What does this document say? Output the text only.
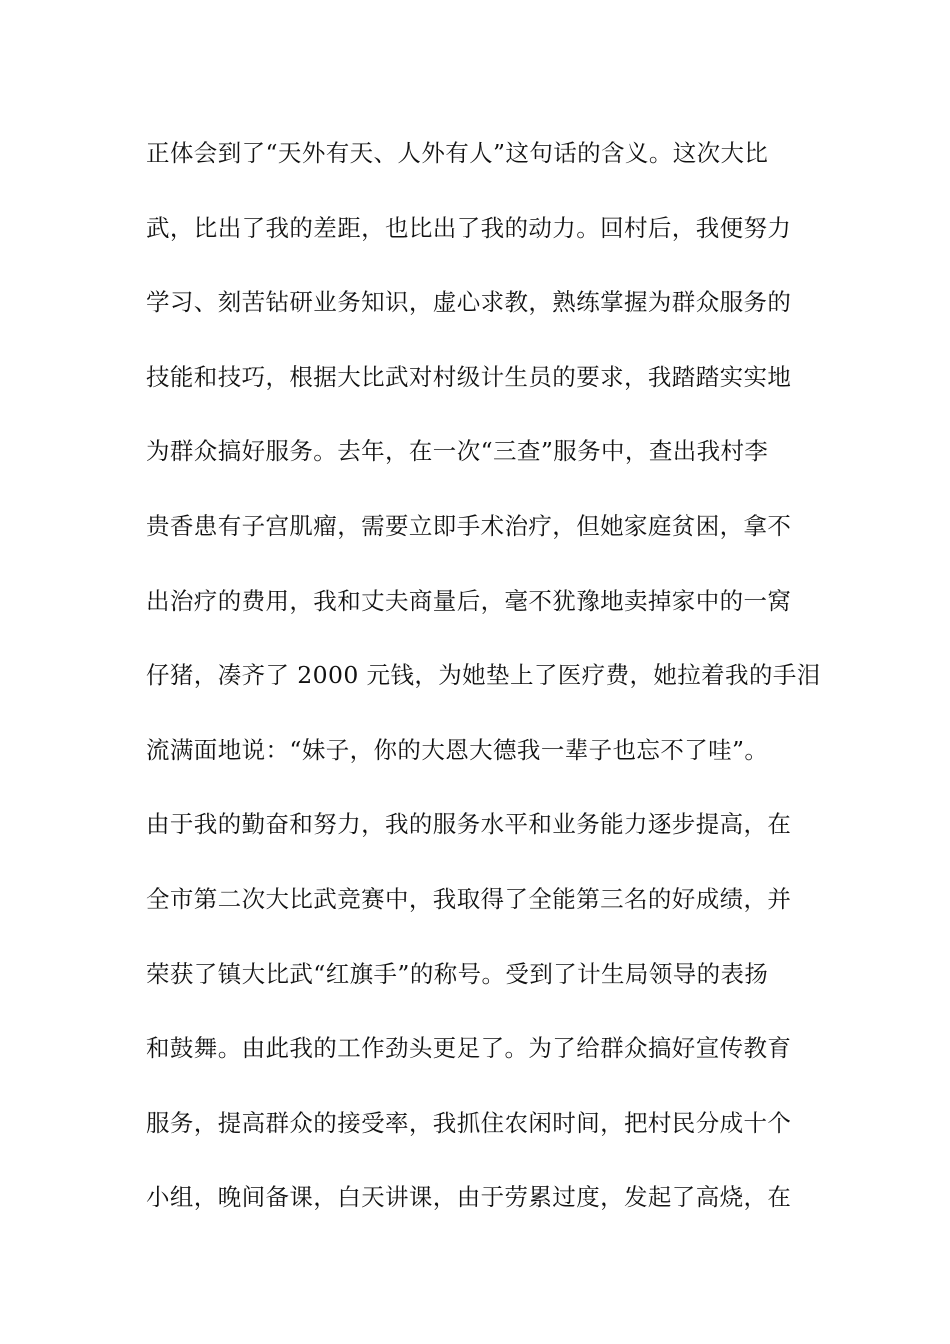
正体会到了“天外有天、人外有人”这句话的含义。这次大比
武，比出了我的差距，也比出了我的动力。回村后，我便努力
学习、刻苦钻研业务知识，虚心求教，熟练掌握为群众服务的
技能和技巧，根据大比武对村级计生员的要求，我踏踏实实地
为群众搞好服务。去年，在一次“三查”服务中，查出我村李
贵香患有子宫肌瘤，需要立即手术治疗，但她家庭贫困，拿不
出治疗的费用，我和丈夫商量后，毫不犹豫地卖掉家中的一窝
仔猪，凑齐了 2000 元钱，为她垫上了医疗费，她拉着我的手泪
流满面地说：“妹子，你的大恩大德我一辈子也忘不了哇”。
由于我的勤奋和努力，我的服务水平和业务能力逐步提高，在
全市第二次大比武竞赛中，我取得了全能第三名的好成绩，并
荣获了镇大比武“红旗手”的称号。受到了计生局领导的表扬
和鼓舞。由此我的工作劲头更足了。为了给群众搞好宣传教育
服务，提高群众的接受率，我抓住农闲时间，把村民分成十个
小组，晚间备课，白天讲课，由于劳累过度，发起了高烧，在
